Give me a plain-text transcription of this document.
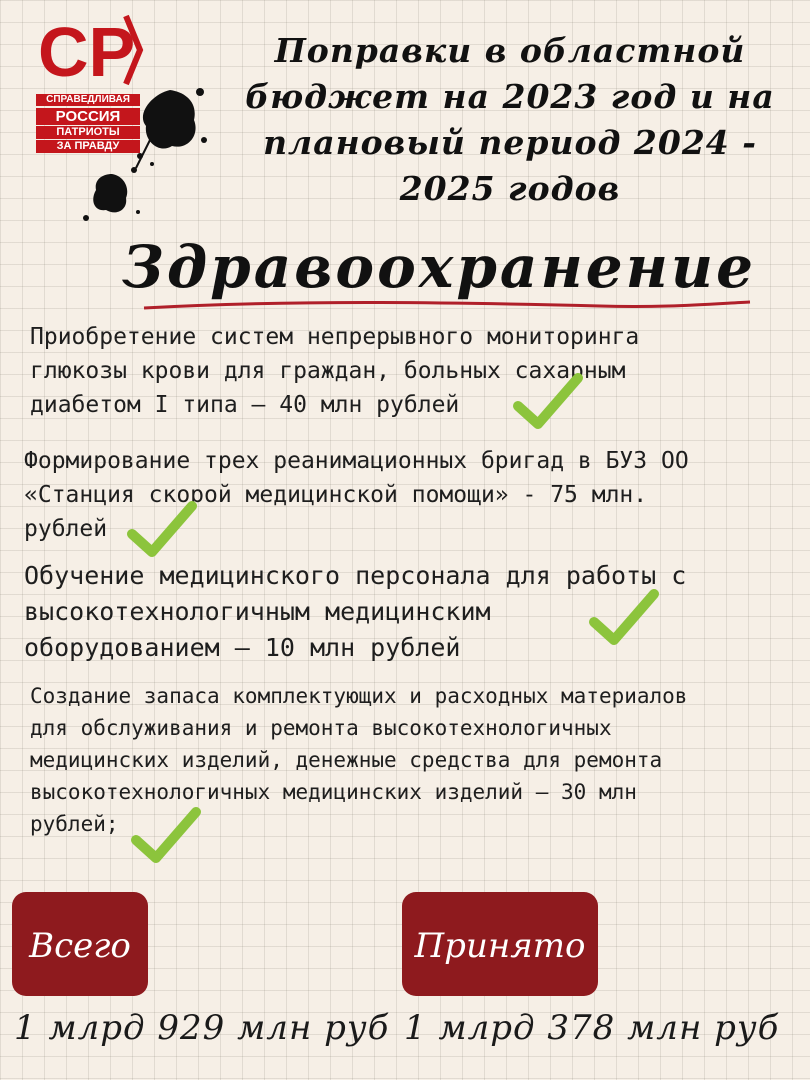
СР
СПРАВЕДЛИВАЯ
РОССИЯ
ПАТРИОТЫ
ЗА ПРАВДУ
Поправки в областной бюджет на 2023 год и на плановый период 2024 - 2025 годов
Здравоохранение
Приобретение систем непрерывного мониторинга
глюкозы крови для граждан, больных сахарным
диабетом I типа – 40 млн рублей
Формирование трех реанимационных бригад в БУЗ ОО
«Станция скорой медицинской помощи» - 75 млн.
рублей
Обучение медицинского персонала для работы с
высокотехнологичным медицинским
оборудованием – 10 млн рублей
Создание запаса комплектующих и расходных материалов
для обслуживания и ремонта высокотехнологичных
медицинских изделий, денежные средства для ремонта
высокотехнологичных медицинских изделий – 30 млн
рублей;
Всего
1 млрд 929 млн руб
Принято
1 млрд 378 млн руб
